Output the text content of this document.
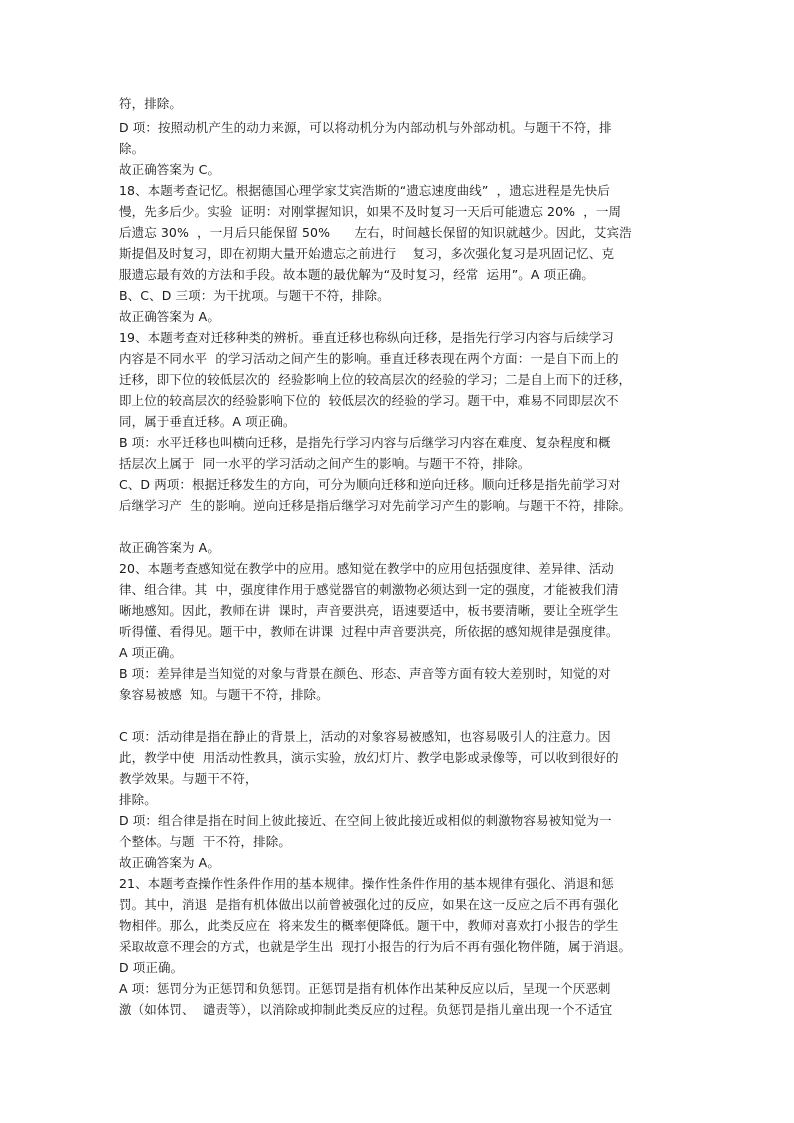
符，排除。
D 项：按照动机产生的动力来源，可以将动机分为内部动机与外部动机。与题干不符，排
除。
故正确答案为 C。
18、本题考查记忆。根据德国心理学家艾宾浩斯的“遗忘速度曲线”  ，遗忘进程是先快后
慢，先多后少。实验  证明：对刚掌握知识，如果不及时复习一天后可能遗忘 20%  ，一周
后遗忘 30%  ，一月后只能保留 50%      左右，时间越长保留的知识就越少。因此，艾宾浩
斯提倡及时复习，即在初期大量开始遗忘之前进行    复习，多次强化复习是巩固记忆、克
服遗忘最有效的方法和手段。故本题的最优解为“及时复习，经常  运用”。A 项正确。
B、C、D 三项：为干扰项。与题干不符，排除。
故正确答案为 A。
19、本题考查对迁移种类的辨析。垂直迁移也称纵向迁移，是指先行学习内容与后续学习
内容是不同水平  的学习活动之间产生的影响。垂直迁移表现在两个方面：一是自下而上的
迁移，即下位的较低层次的  经验影响上位的较高层次的经验的学习；二是自上而下的迁移，
即上位的较高层次的经验影响下位的  较低层次的经验的学习。题干中，难易不同即层次不
同，属于垂直迁移。A 项正确。
B 项：水平迁移也叫横向迁移，是指先行学习内容与后继学习内容在难度、复杂程度和概
括层次上属于  同一水平的学习活动之间产生的影响。与题干不符，排除。
C、D 两项：根据迁移发生的方向，可分为顺向迁移和逆向迁移。顺向迁移是指先前学习对
后继学习产  生的影响。逆向迁移是指后继学习对先前学习产生的影响。与题干不符，排除。
故正确答案为 A。
20、本题考查感知觉在教学中的应用。感知觉在教学中的应用包括强度律、差异律、活动
律、组合律。其  中，强度律作用于感觉器官的刺激物必须达到一定的强度，才能被我们清
晰地感知。因此，教师在讲  课时，声音要洪亮，语速要适中，板书要清晰，要让全班学生
听得懂、看得见。题干中，教师在讲课  过程中声音要洪亮，所依据的感知规律是强度律。
A 项正确。
B 项：差异律是当知觉的对象与背景在颜色、形态、声音等方面有较大差别时，知觉的对
象容易被感  知。与题干不符，排除。
C 项：活动律是指在静止的背景上，活动的对象容易被感知，也容易吸引人的注意力。因
此，教学中使  用活动性教具，演示实验，放幻灯片、教学电影或录像等，可以收到很好的
教学效果。与题干不符，
排除。
D 项：组合律是指在时间上彼此接近、在空间上彼此接近或相似的刺激物容易被知觉为一
个整体。与题  干不符，排除。
故正确答案为 A。
21、本题考查操作性条件作用的基本规律。操作性条件作用的基本规律有强化、消退和惩
罚。其中，消退  是指有机体做出以前曾被强化过的反应，如果在这一反应之后不再有强化
物相伴。那么，此类反应在  将来发生的概率便降低。题干中，教师对喜欢打小报告的学生
采取故意不理会的方式，也就是学生出  现打小报告的行为后不再有强化物伴随，属于消退。
D 项正确。
A 项：惩罚分为正惩罚和负惩罚。正惩罚是指有机体作出某种反应以后，呈现一个厌恶刺
激（如体罚、  谴责等），以消除或抑制此类反应的过程。负惩罚是指儿童出现一个不适宜
